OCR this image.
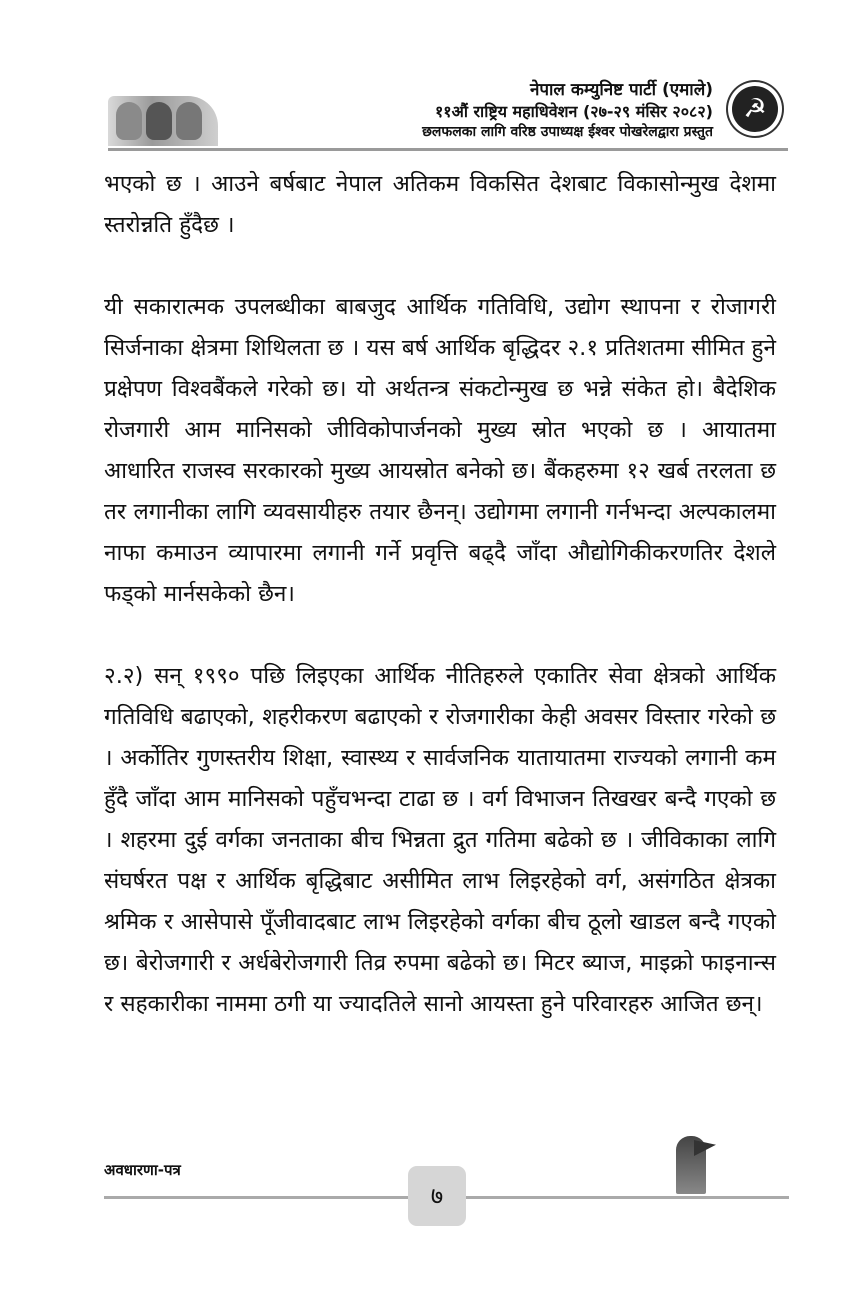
नेपाल कम्युनिष्ट पार्टी (एमाले)
११औं राष्ट्रिय महाधिवेशन (२७-२९ मंसिर २०८२)
छलफलका लागि वरिष्ठ उपाध्यक्ष ईश्वर पोखरेलद्वारा प्रस्तुत
☭

भएको छ । आउने बर्षबाट नेपाल अतिकम विकसित देशबाट विकासोन्मुख देशमा स्तरोन्नति हुँदैछ ।

यी सकारात्मक उपलब्धीका बाबजुद आर्थिक गतिविधि, उद्योग स्थापना र रोजागरी सिर्जनाका क्षेत्रमा शिथिलता छ । यस बर्ष आर्थिक बृद्धिदर २.१ प्रतिशतमा सीमित हुने प्रक्षेपण विश्वबैंकले गरेको छ। यो अर्थतन्त्र संकटोन्मुख छ भन्ने संकेत हो। बैदेशिक रोजगारी आम मानिसको जीविकोपार्जनको मुख्य स्रोत भएको छ । आयातमा आधारित राजस्व सरकारको मुख्य आयस्रोत बनेको छ। बैंकहरुमा १२ खर्ब तरलता छ तर लगानीका लागि व्यवसायीहरु तयार छैनन्। उद्योगमा लगानी गर्नभन्दा अल्पकालमा नाफा कमाउन व्यापारमा लगानी गर्ने प्रवृत्ति बढ्दै जाँदा औद्योगिकीकरणतिर देशले फड्को मार्नसकेको छैन।

२.२) सन् १९९० पछि लिइएका आर्थिक नीतिहरुले एकातिर सेवा क्षेत्रको आर्थिक गतिविधि बढाएको, शहरीकरण बढाएको र रोजगारीका केही अवसर विस्तार गरेको छ । अर्कोतिर गुणस्तरीय शिक्षा, स्वास्थ्य र सार्वजनिक यातायातमा राज्यको लगानी कम हुँदै जाँदा आम मानिसको पहुँचभन्दा टाढा छ । वर्ग विभाजन तिखखर बन्दै गएको छ । शहरमा दुई वर्गका जनताका बीच भिन्नता द्रुत गतिमा बढेको छ । जीविकाका लागि संघर्षरत पक्ष र आर्थिक बृद्धिबाट असीमित लाभ लिइरहेको वर्ग, असंगठित क्षेत्रका श्रमिक र आसेपासे पूँजीवादबाट लाभ लिइरहेको वर्गका बीच ठूलो खाडल बन्दै गएको छ। बेरोजगारी र अर्धबेरोजगारी तिव्र रुपमा बढेको छ। मिटर ब्याज, माइक्रो फाइनान्स र सहकारीका नाममा ठगी या ज्यादतिले सानो आयस्ता हुने परिवारहरु आजित छन्।

अवधारणा-पत्र
७
